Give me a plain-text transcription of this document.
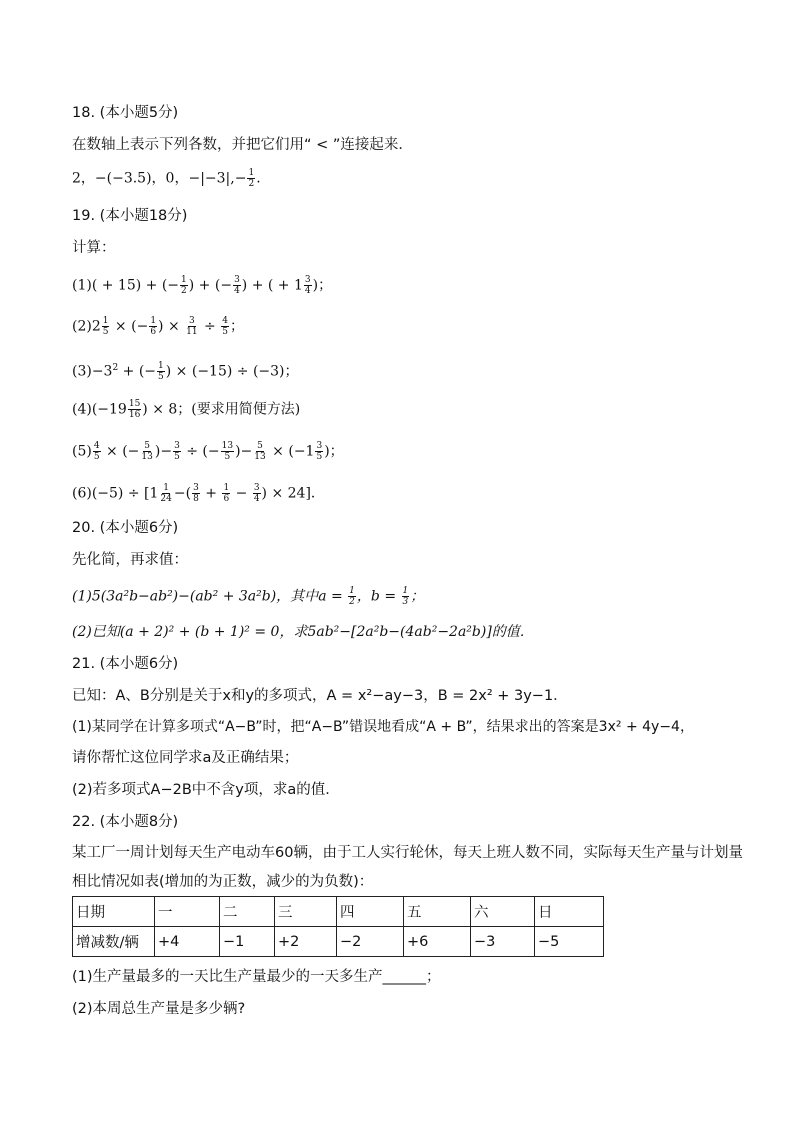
18. (本小题5分)
在数轴上表示下列各数，并把它们用“ < ”连接起来．
2，−(−3.5)，0，$-|-3|,- \frac{1}{2}$ .
19. (本小题18分)
计算：
(1)( + 15) + (− $\frac{1}{2}$ ) + (− $\frac{3}{4}$ ) + ( + $1 \frac{3}{4}$ )；
$(2)2 \frac{1}{5}$ × (− $\frac{1}{6}$ ) × $\frac{3}{11} \div \frac{4}{5}$ ；
$(3)-3^2$ + (− $\frac{1}{5}$ ) × (−15) ÷ (−3)；
$(4)(-19 \frac{15}{16}$ ) × 8；(要求用简便方法)
$(5) \frac{4}{5}$ × (− $\frac{5}{13}$ )− $\frac{3}{5}$ ÷ (− $\frac{13}{5}$ )− $\frac{5}{13} \times (-1 \frac{3}{5}$ )；
$(6)(-5) \div [1 \frac{1}{24}$ −( $\frac{3}{8} + \frac{1}{6} - \frac{3}{4}$ ) × 24]．
20. (本小题6分)
先化简，再求值：
(1)5(3a²b−ab²)−(ab² + 3a²b)，其中$a = \frac{1}{2}$ ，$b = \frac{1}{3}$ ；
(2)已知(a + 2)² + (b + 1)² = 0，求5ab²−[2a²b−(4ab²−2a²b)]的值．
21. (本小题6分)
已知：A、B分别是关于x和y的多项式，A = x²−ay−3，B = 2x² + 3y−1．
(1)某同学在计算多项式“A−B”时，把“A−B”错误地看成“A + B”，结果求出的答案是3x² + 4y−4，
请你帮忙这位同学求a及正确结果；
(2)若多项式A−2B中不含y项，求a的值．
22. (本小题8分)
某工厂一周计划每天生产电动车60辆，由于工人实行轮休，每天上班人数不同，实际每天生产量与计划量
相比情况如表(增加的为正数，减少的为负数)：
日期	一	二	三	四	五	六	日
增减数/辆	+4	−1	+2	−2	+6	−3	−5
(1)生产量最多的一天比生产量最少的一天多生产______；
(2)本周总生产量是多少辆?
